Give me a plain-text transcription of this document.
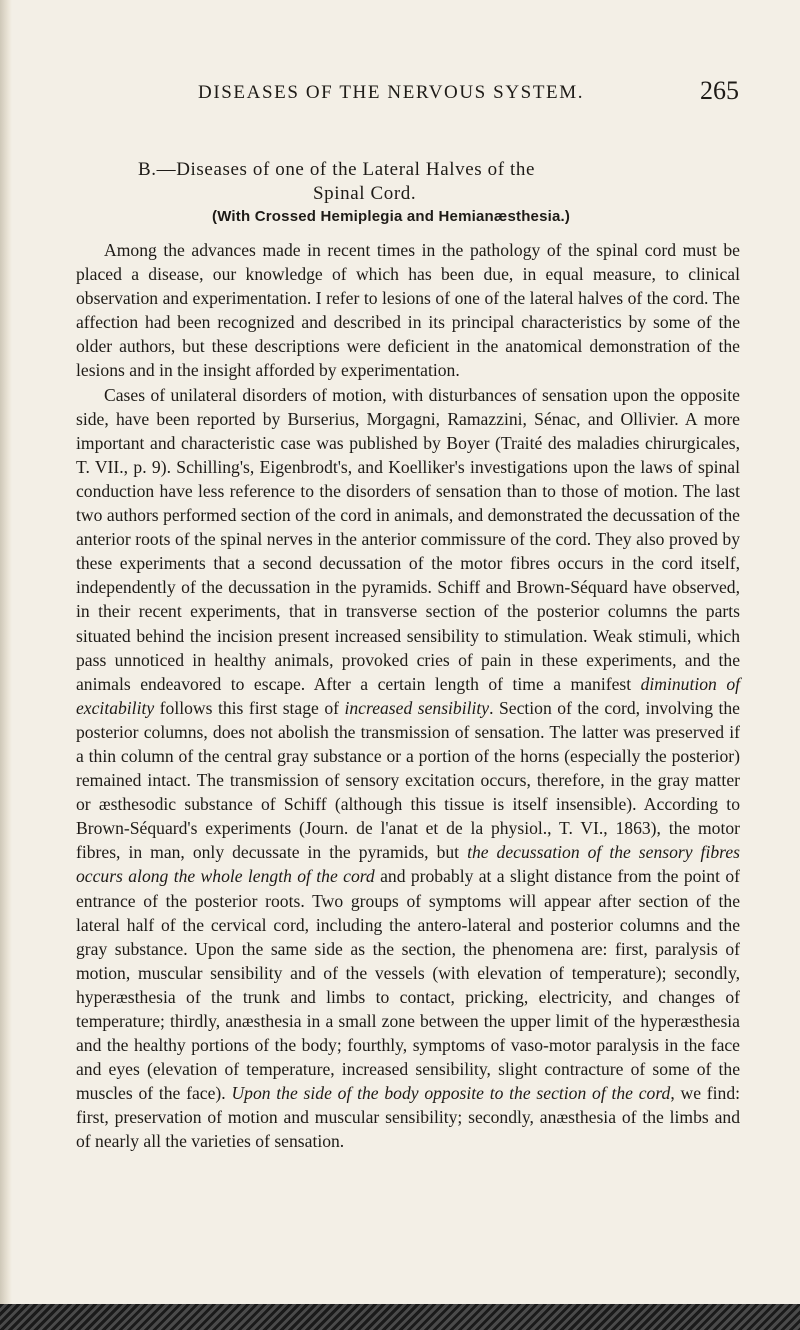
DISEASES OF THE NERVOUS SYSTEM.	265
B.—Diseases of one of the Lateral Halves of the
Spinal Cord.
(With Crossed Hemiplegia and Hemianæsthesia.)

Among the advances made in recent times in the pathology of the spinal cord must be placed a disease, our knowledge of which has been due, in equal measure, to clinical observation and experimentation. I refer to lesions of one of the lateral halves of the cord. The affection had been recognized and described in its principal characteristics by some of the older authors, but these descriptions were deficient in the anatomical demonstration of the lesions and in the insight afforded by experimentation.

Cases of unilateral disorders of motion, with disturbances of sensation upon the opposite side, have been reported by Burserius, Morgagni, Ramazzini, Sénac, and Ollivier. A more important and characteristic case was published by Boyer (Traité des maladies chirurgicales, T. VII., p. 9). Schilling's, Eigenbrodt's, and Koelliker's investigations upon the laws of spinal conduction have less reference to the disorders of sensation than to those of motion. The last two authors performed section of the cord in animals, and demonstrated the decussation of the anterior roots of the spinal nerves in the anterior commissure of the cord. They also proved by these experiments that a second decussation of the motor fibres occurs in the cord itself, independently of the decussation in the pyramids. Schiff and Brown-Séquard have observed, in their recent experiments, that in transverse section of the posterior columns the parts situated behind the incision present increased sensibility to stimulation. Weak stimuli, which pass unnoticed in healthy animals, provoked cries of pain in these experiments, and the animals endeavored to escape. After a certain length of time a manifest diminution of excitability follows this first stage of increased sensibility. Section of the cord, involving the posterior columns, does not abolish the transmission of sensation. The latter was preserved if a thin column of the central gray substance or a portion of the horns (especially the posterior) remained intact. The transmission of sensory excitation occurs, therefore, in the gray matter or æsthesodic substance of Schiff (although this tissue is itself insensible). According to Brown-Séquard's experiments (Journ. de l'anat et de la physiol., T. VI., 1863), the motor fibres, in man, only decussate in the pyramids, but the decussation of the sensory fibres occurs along the whole length of the cord and probably at a slight distance from the point of entrance of the posterior roots. Two groups of symptoms will appear after section of the lateral half of the cervical cord, including the antero-lateral and posterior columns and the gray substance. Upon the same side as the section, the phenomena are: first, paralysis of motion, muscular sensibility and of the vessels (with elevation of temperature); secondly, hyperæsthesia of the trunk and limbs to contact, pricking, electricity, and changes of temperature; thirdly, anæsthesia in a small zone between the upper limit of the hyperæsthesia and the healthy portions of the body; fourthly, symptoms of vaso-motor paralysis in the face and eyes (elevation of temperature, increased sensibility, slight contracture of some of the muscles of the face). Upon the side of the body opposite to the section of the cord, we find: first, preservation of motion and muscular sensibility; secondly, anæsthesia of the limbs and of nearly all the varieties of sensation.
